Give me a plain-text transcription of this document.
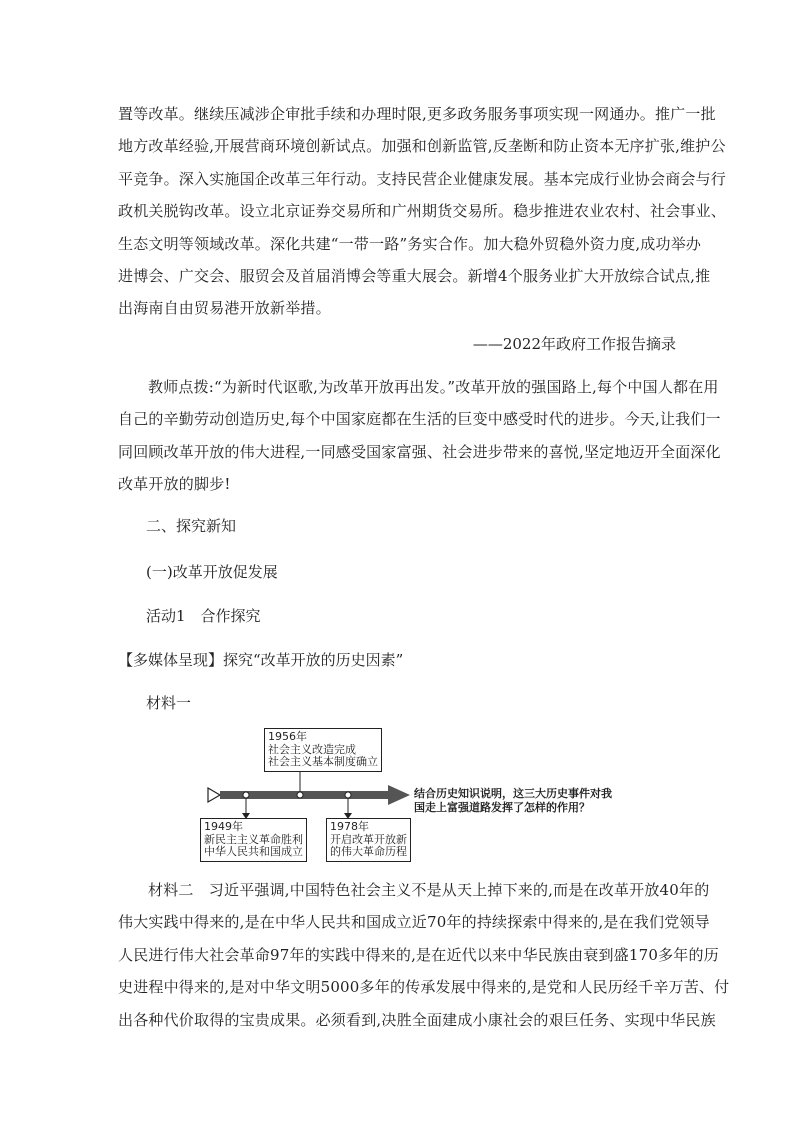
置等改革。继续压减涉企审批手续和办理时限,更多政务服务事项实现一网通办。推广一批
地方改革经验,开展营商环境创新试点。加强和创新监管,反垄断和防止资本无序扩张,维护公
平竞争。深入实施国企改革三年行动。支持民营企业健康发展。基本完成行业协会商会与行
政机关脱钩改革。设立北京证券交易所和广州期货交易所。稳步推进农业农村、社会事业、
生态文明等领域改革。深化共建“一带一路”务实合作。加大稳外贸稳外资力度,成功举办
进博会、广交会、服贸会及首届消博会等重大展会。新增4个服务业扩大开放综合试点,推
出海南自由贸易港开放新举措。
——2022年政府工作报告摘录
教师点拨:“为新时代讴歌,为改革开放再出发。”改革开放的强国路上,每个中国人都在用
自己的辛勤劳动创造历史,每个中国家庭都在生活的巨变中感受时代的进步。今天,让我们一
同回顾改革开放的伟大进程,一同感受国家富强、社会进步带来的喜悦,坚定地迈开全面深化
改革开放的脚步!
二、探究新知
(一)改革开放促发展
活动1　合作探究
【多媒体呈现】探究“改革开放的历史因素”
材料一
1956年
社会主义改造完成
社会主义基本制度确立
1949年
新民主主义革命胜利
中华人民共和国成立
1978年
开启改革开放新
的伟大革命历程
结合历史知识说明，这三大历史事件对我
国走上富强道路发挥了怎样的作用？
材料二　习近平强调,中国特色社会主义不是从天上掉下来的,而是在改革开放40年的
伟大实践中得来的,是在中华人民共和国成立近70年的持续探索中得来的,是在我们党领导
人民进行伟大社会革命97年的实践中得来的,是在近代以来中华民族由衰到盛170多年的历
史进程中得来的,是对中华文明5000多年的传承发展中得来的,是党和人民历经千辛万苦、付
出各种代价取得的宝贵成果。必须看到,决胜全面建成小康社会的艰巨任务、实现中华民族
